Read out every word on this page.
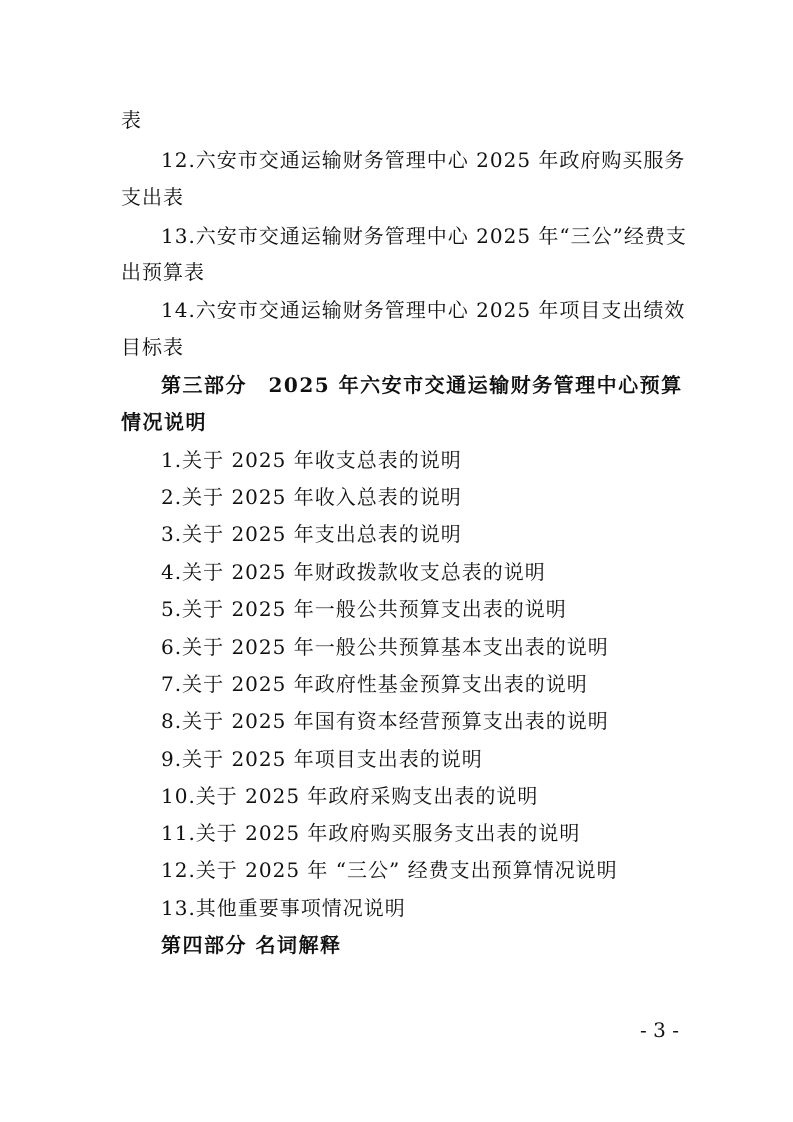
表
12.六安市交通运输财务管理中心 2025 年政府购买服务
支出表
13.六安市交通运输财务管理中心 2025 年“三公”经费支
出预算表
14.六安市交通运输财务管理中心 2025 年项目支出绩效
目标表
第三部分　2025 年六安市交通运输财务管理中心预算
情况说明
1.关于 2025 年收支总表的说明
2.关于 2025 年收入总表的说明
3.关于 2025 年支出总表的说明
4.关于 2025 年财政拨款收支总表的说明
5.关于 2025 年一般公共预算支出表的说明
6.关于 2025 年一般公共预算基本支出表的说明
7.关于 2025 年政府性基金预算支出表的说明
8.关于 2025 年国有资本经营预算支出表的说明
9.关于 2025 年项目支出表的说明
10.关于 2025 年政府采购支出表的说明
11.关于 2025 年政府购买服务支出表的说明
12.关于 2025 年 “三公” 经费支出预算情况说明
13.其他重要事项情况说明
第四部分 名词解释
- 3 -
